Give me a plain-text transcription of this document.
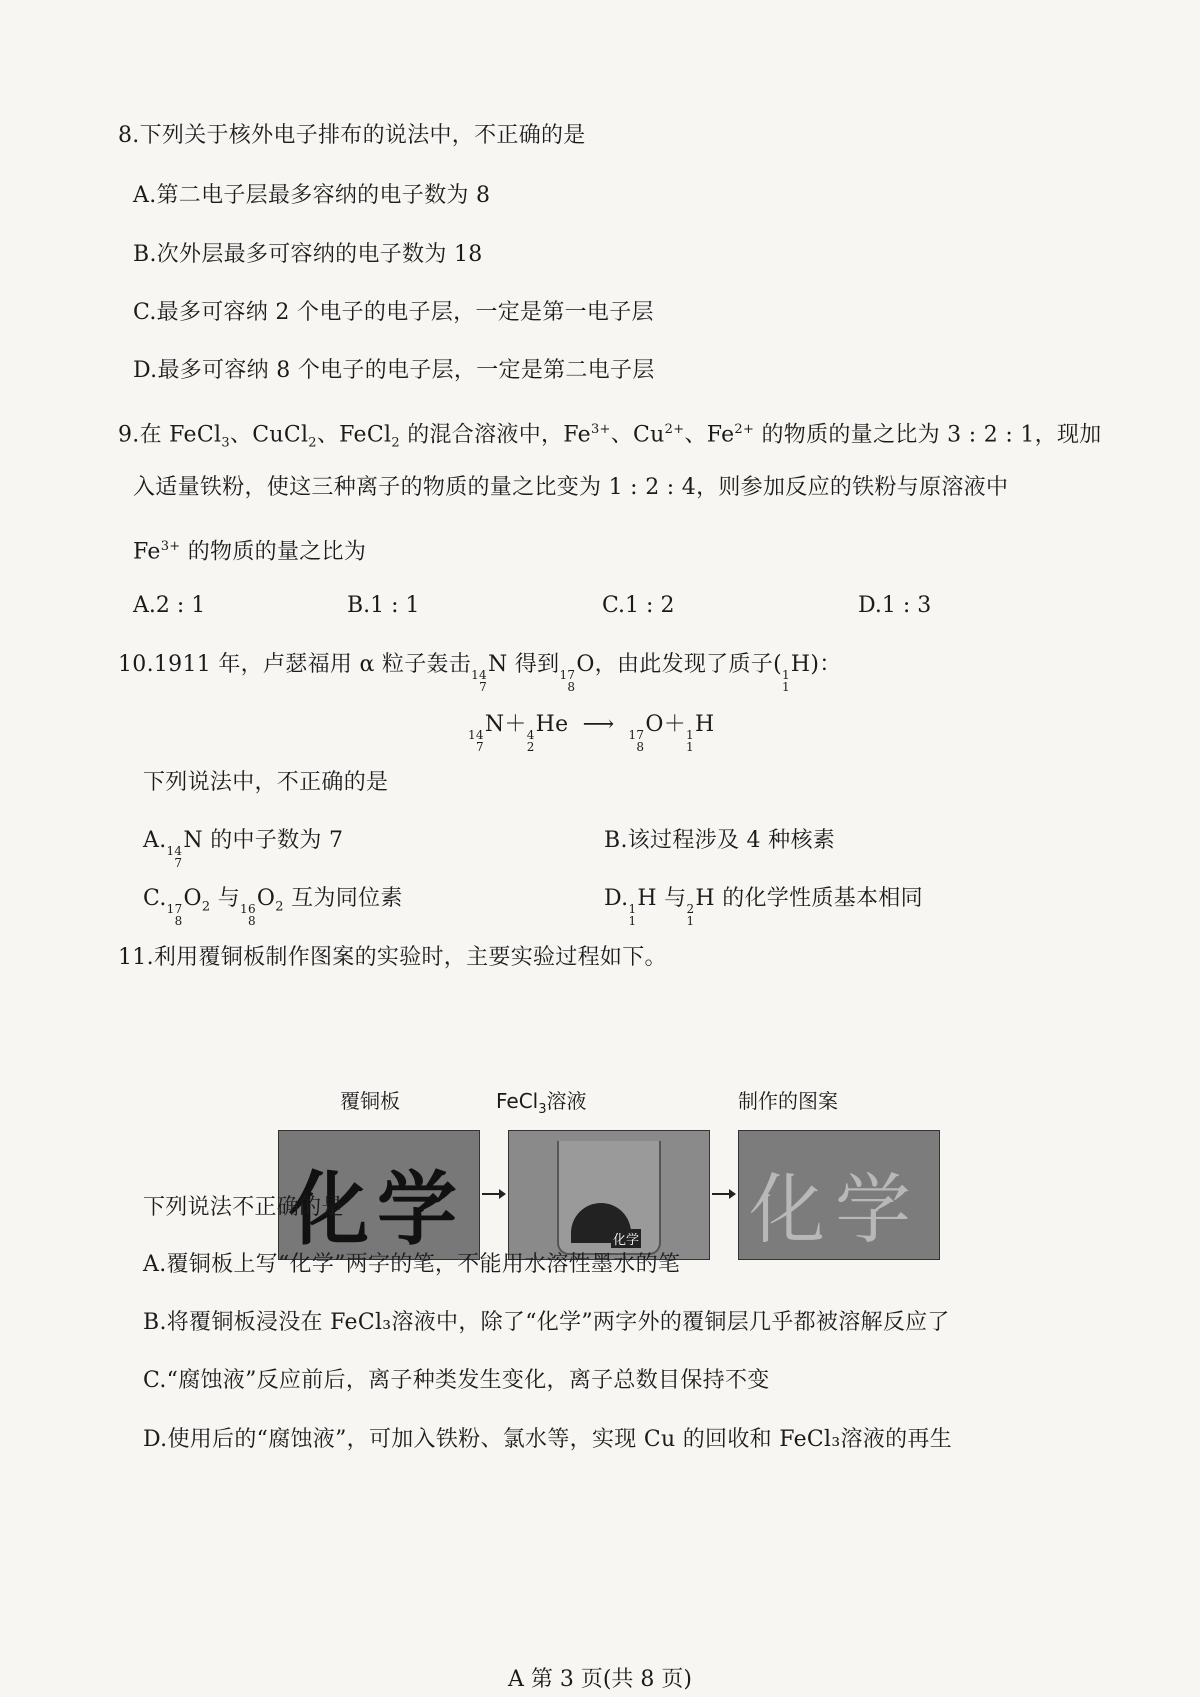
8.下列关于核外电子排布的说法中，不正确的是
A.第二电子层最多容纳的电子数为 8
B.次外层最多可容纳的电子数为 18
C.最多可容纳 2 个电子的电子层，一定是第一电子层
D.最多可容纳 8 个电子的电子层，一定是第二电子层
9.在 FeCl$_3$、CuCl$_2$、FeCl$_2$ 的混合溶液中，$Fe^{3+}$、$Cu^{2+}$、$Fe^{2+}$ 的物质的量之比为 3 : 2 : 1，现加
入适量铁粉，使这三种离子的物质的量之比变为 1 : 2 : 4，则参加反应的铁粉与原溶液中
$Fe^{3+}$ 的物质的量之比为
A.2 : 1	B.1 : 1	C.1 : 2	D.1 : 3
10.1911 年，卢瑟福用 α 粒子轰击 14
7
N 得到 17
8
O，由此发现了质子( 1
1
H)：
14
7
N＋ 4
2
He ⟶ 17
8
O＋ 1
1
H
下列说法中，不正确的是
A. 14
7
N 的中子数为 7	B.该过程涉及 4 种核素
C. 17
8
$O_2$ 与 16
8
$O_2$ 互为同位素	D. 1
1
H 与 2
1
H 的化学性质基本相同
11.利用覆铜板制作图案的实验时，主要实验过程如下。
覆铜板	FeCl$_3$溶液	制作的图案
化学	化学 化学
下列说法不正确的是
A.覆铜板上写“化学”两字的笔，不能用水溶性墨水的笔
B.将覆铜板浸没在 FeCl₃溶液中，除了“化学”两字外的覆铜层几乎都被溶解反应了
C.“腐蚀液”反应前后，离子种类发生变化，离子总数目保持不变
D.使用后的“腐蚀液”，可加入铁粉、氯水等，实现 Cu 的回收和 FeCl₃溶液的再生
A 第 3 页(共 8 页)
